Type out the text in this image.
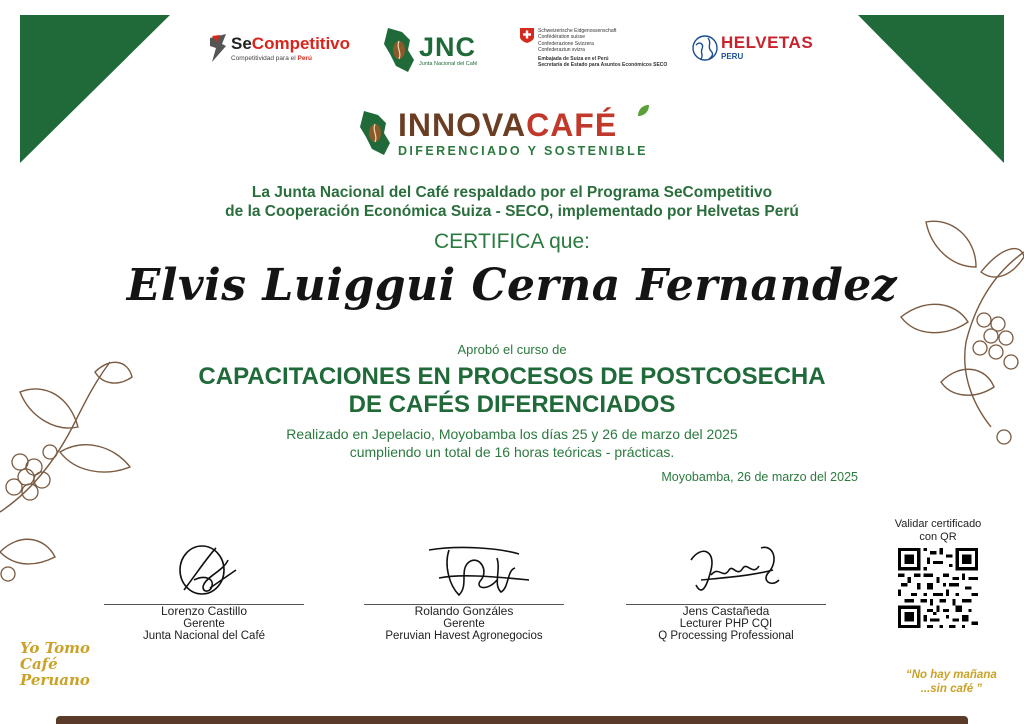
SeCompetitivo
Competitividad para el Perú	JNC
Junta Nacional del Café
Schweizerische Eidgenossenschaft
Confédération suisse
Confederazione Svizzera
Confederaziun svizra
Embajada de Suiza en el Perú
Secretaría de Estado para Asuntos Económicos SECO
HELVETAS
PERU
INNOVACAFÉ
DIFERENCIADO Y SOSTENIBLE
La Junta Nacional del Café respaldado por el Programa SeCompetitivo
de la Cooperación Económica Suiza - SECO, implementado por Helvetas Perú
CERTIFICA que:
Elvis Luiggui Cerna Fernandez
Aprobó el curso de
CAPACITACIONES EN PROCESOS DE POSTCOSECHA
DE CAFÉS DIFERENCIADOS
Realizado en Jepelacio, Moyobamba los días 25 y 26 de marzo del 2025
cumpliendo un total de 16 horas teóricas - prácticas.
Moyobamba, 26 de marzo del 2025
Lorenzo Castillo
Gerente
Junta Nacional del Café
Rolando Gonzáles
Gerente
Peruvian Havest Agronegocios
Jens Castañeda
Lecturer PHP CQI
Q Processing Professional
Validar certificado
con QR
Yo Tomo
Café
Peruano	“No hay mañana
...sin café ”
